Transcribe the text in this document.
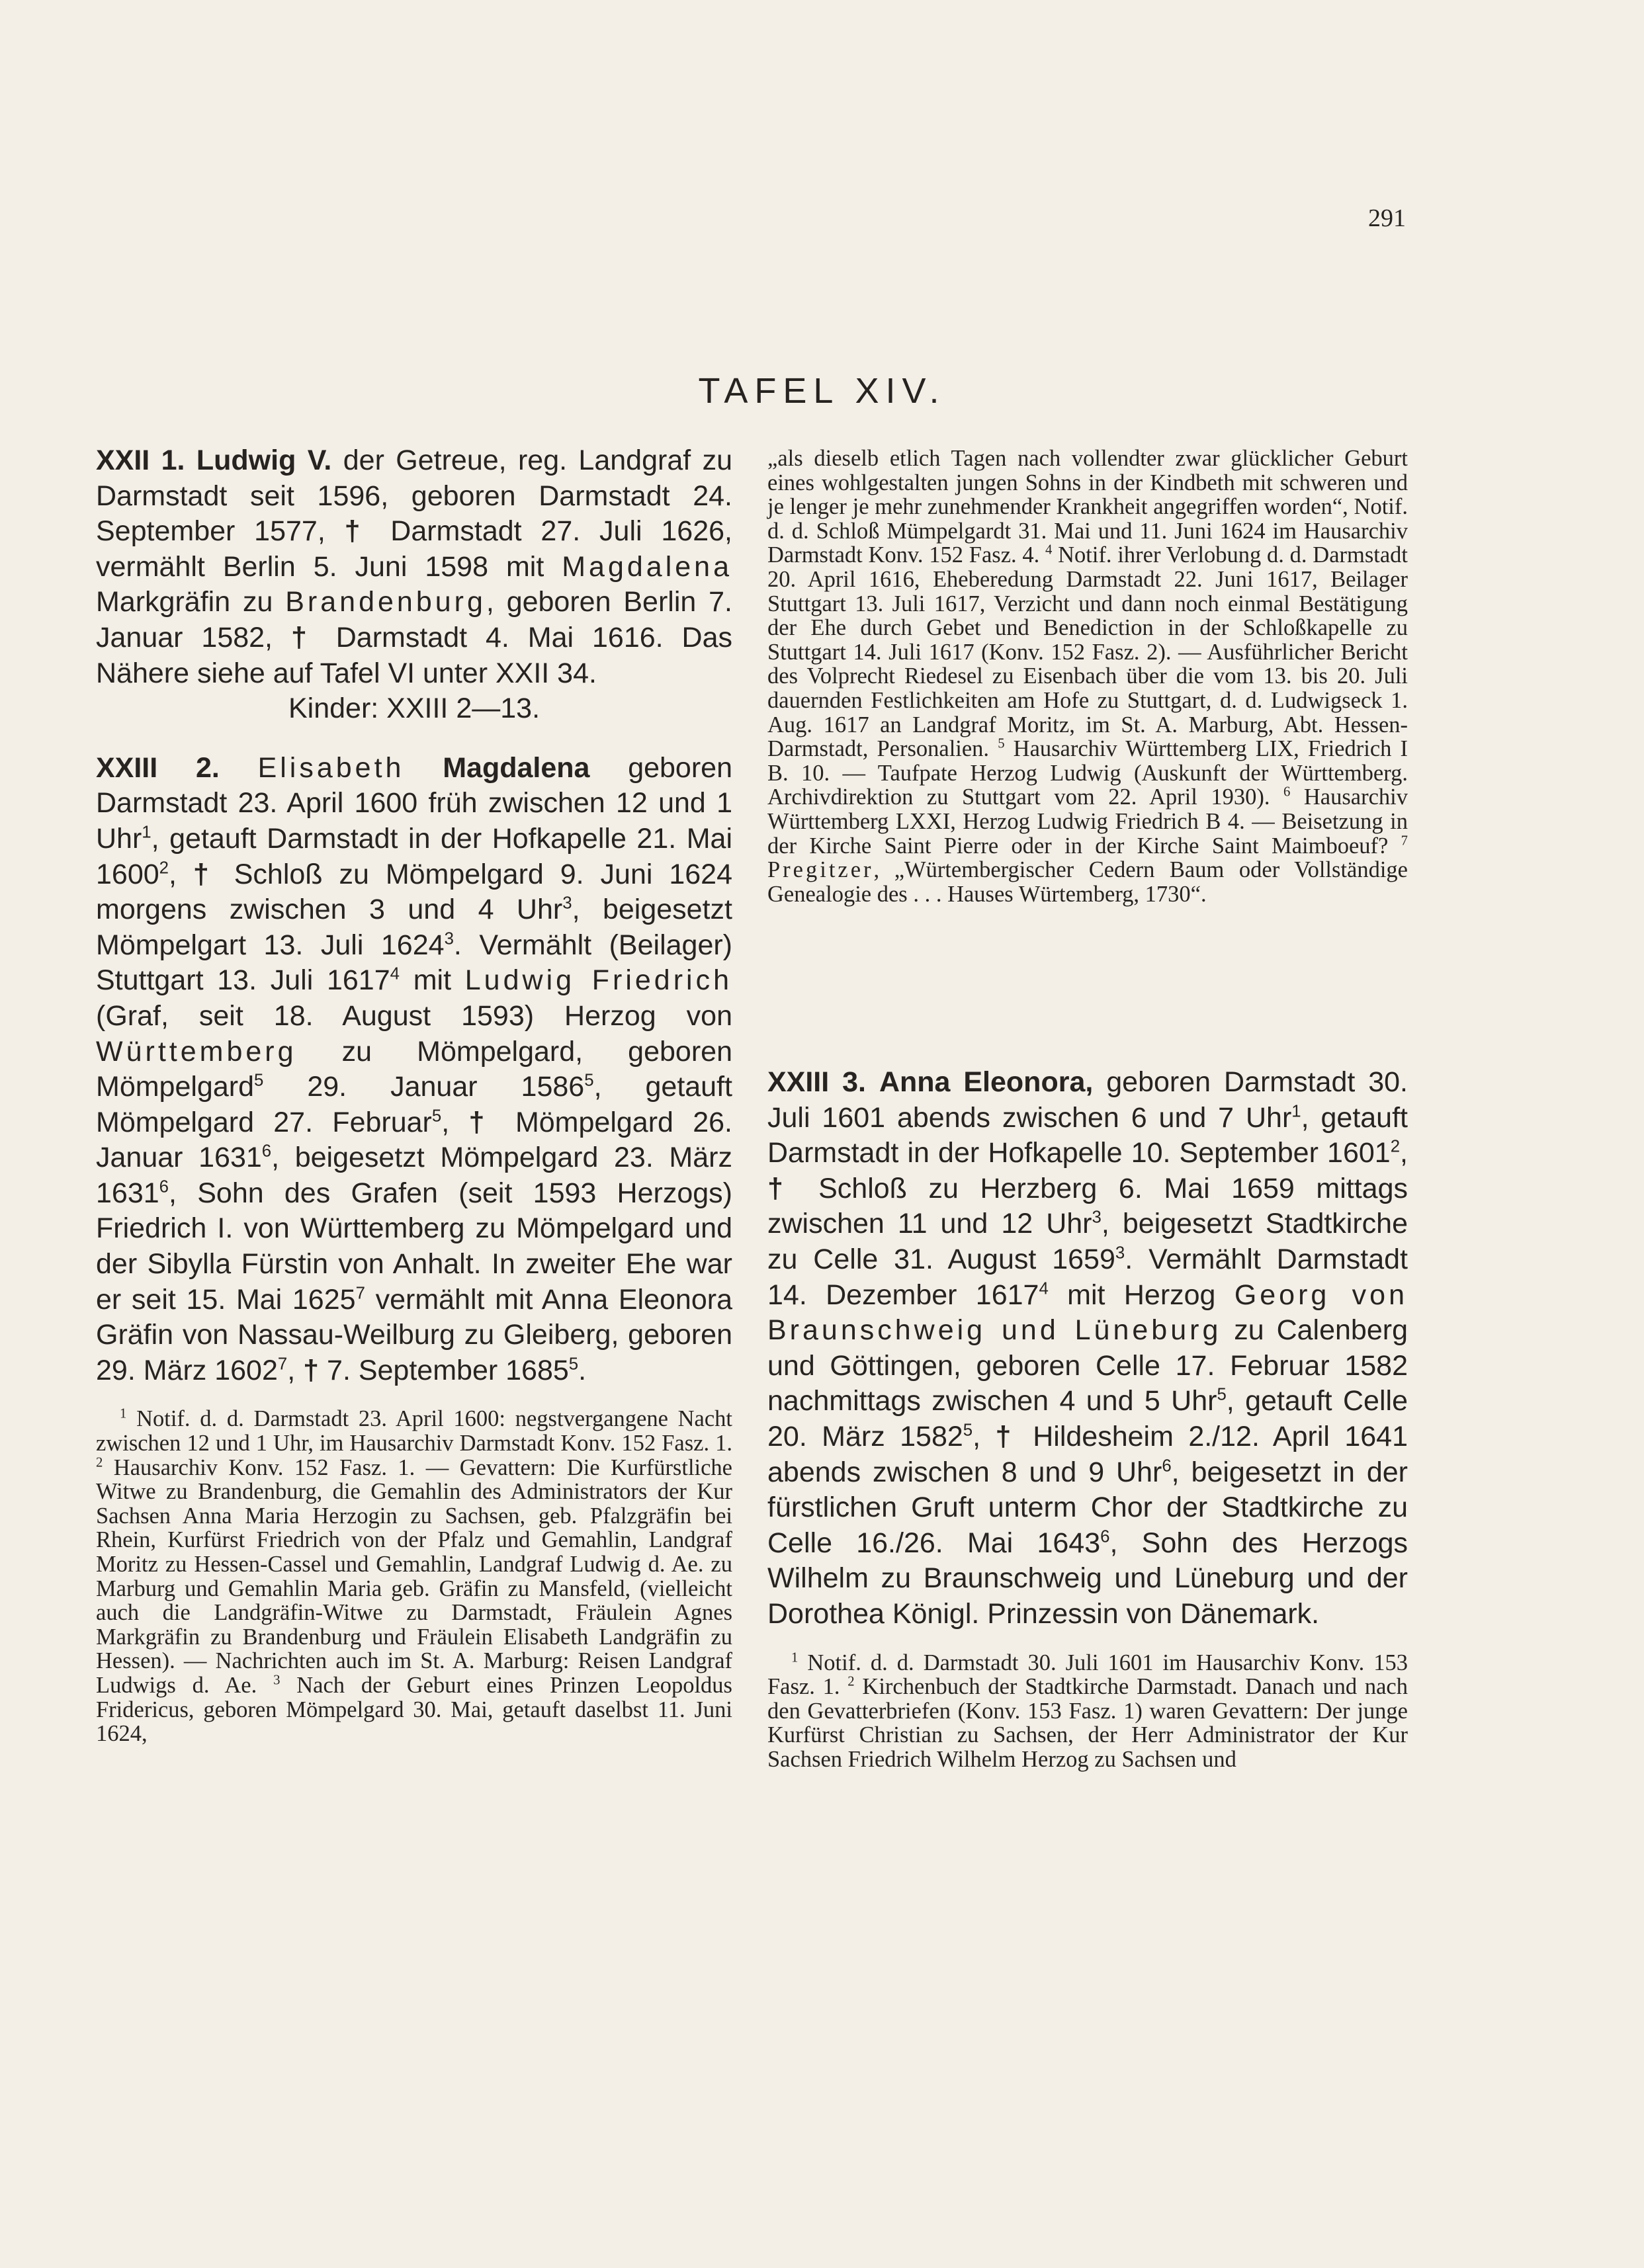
291
TAFEL XIV.

XXII 1. Ludwig V. der Getreue, reg. Landgraf zu Darmstadt seit 1596, geboren Darmstadt 24. September 1577, † Darmstadt 27. Juli 1626, vermählt Berlin 5. Juni 1598 mit Magdalena Markgräfin zu Brandenburg, geboren Berlin 7. Januar 1582, † Darmstadt 4. Mai 1616. Das Nähere siehe auf Tafel VI unter XXII 34.

Kinder: XXIII 2—13.

XXIII 2. Elisabeth Magdalena geboren Darmstadt 23. April 1600 früh zwischen 12 und 1 Uhr$^1$, getauft Darmstadt in der Hofkapelle 21. Mai 1600$^2$, † Schloß zu Mömpelgard 9. Juni 1624 morgens zwischen 3 und 4 Uhr$^3$, beigesetzt Mömpelgart 13. Juli 1624$^3$. Vermählt (Beilager) Stuttgart 13. Juli 1617$^4$ mit Ludwig Friedrich (Graf, seit 18. August 1593) Herzog von Württemberg zu Mömpelgard, geboren Mömpelgard$^5$ 29. Januar 1586$^5$, getauft Mömpelgard 27. Februar$^5$, † Mömpelgard 26. Januar 1631$^6$, beigesetzt Mömpelgard 23. März 1631$^6$, Sohn des Grafen (seit 1593 Herzogs) Friedrich I. von Württemberg zu Mömpelgard und der Sibylla Fürstin von Anhalt. In zweiter Ehe war er seit 15. Mai 1625$^7$ vermählt mit Anna Eleonora Gräfin von Nassau-Weilburg zu Gleiberg, geboren 29. März 1602$^7$, † 7. September 1685$^5$.

$^1$ Notif. d. d. Darmstadt 23. April 1600: negstvergangene Nacht zwischen 12 und 1 Uhr, im Hausarchiv Darmstadt Konv. 152 Fasz. 1. $^2$ Hausarchiv Konv. 152 Fasz. 1. — Gevattern: Die Kurfürstliche Witwe zu Brandenburg, die Gemahlin des Administrators der Kur Sachsen Anna Maria Herzogin zu Sachsen, geb. Pfalzgräfin bei Rhein, Kurfürst Friedrich von der Pfalz und Gemahlin, Landgraf Moritz zu Hessen-Cassel und Gemahlin, Landgraf Ludwig d. Ae. zu Marburg und Gemahlin Maria geb. Gräfin zu Mansfeld, (vielleicht auch die Landgräfin-Witwe zu Darmstadt, Fräulein Agnes Markgräfin zu Brandenburg und Fräulein Elisabeth Landgräfin zu Hessen). — Nachrichten auch im St. A. Marburg: Reisen Landgraf Ludwigs d. Ae. $^3$ Nach der Geburt eines Prinzen Leopoldus Fridericus, geboren Mömpelgard 30. Mai, getauft daselbst 11. Juni 1624,

„als dieselb etlich Tagen nach vollendter zwar glücklicher Geburt eines wohlgestalten jungen Sohns in der Kindbeth mit schweren und je lenger je mehr zunehmender Krankheit angegriffen worden“, Notif. d. d. Schloß Mümpelgardt 31. Mai und 11. Juni 1624 im Hausarchiv Darmstadt Konv. 152 Fasz. 4. $^4$ Notif. ihrer Verlobung d. d. Darmstadt 20. April 1616, Eheberedung Darmstadt 22. Juni 1617, Beilager Stuttgart 13. Juli 1617, Verzicht und dann noch einmal Bestätigung der Ehe durch Gebet und Benediction in der Schloßkapelle zu Stuttgart 14. Juli 1617 (Konv. 152 Fasz. 2). — Ausführlicher Bericht des Volprecht Riedesel zu Eisenbach über die vom 13. bis 20. Juli dauernden Festlichkeiten am Hofe zu Stuttgart, d. d. Ludwigseck 1. Aug. 1617 an Landgraf Moritz, im St. A. Marburg, Abt. Hessen-Darmstadt, Personalien. $^5$ Hausarchiv Württemberg LIX, Friedrich I B. 10. — Taufpate Herzog Ludwig (Auskunft der Württemberg. Archivdirektion zu Stuttgart vom 22. April 1930). $^6$ Hausarchiv Württemberg LXXI, Herzog Ludwig Friedrich B 4. — Beisetzung in der Kirche Saint Pierre oder in der Kirche Saint Maimboeuf? $^7$ Pregitzer, „Würtembergischer Cedern Baum oder Vollständige Genealogie des . . . Hauses Würtemberg, 1730“.

XXIII 3. Anna Eleonora, geboren Darmstadt 30. Juli 1601 abends zwischen 6 und 7 Uhr$^1$, getauft Darmstadt in der Hofkapelle 10. September 1601$^2$, † Schloß zu Herzberg 6. Mai 1659 mittags zwischen 11 und 12 Uhr$^3$, beigesetzt Stadtkirche zu Celle 31. August 1659$^3$. Vermählt Darmstadt 14. Dezember 1617$^4$ mit Herzog Georg von Braunschweig und Lüneburg zu Calenberg und Göttingen, geboren Celle 17. Februar 1582 nachmittags zwischen 4 und 5 Uhr$^5$, getauft Celle 20. März 1582$^5$, † Hildesheim 2./12. April 1641 abends zwischen 8 und 9 Uhr$^6$, beigesetzt in der fürstlichen Gruft unterm Chor der Stadtkirche zu Celle 16./26. Mai 1643$^6$, Sohn des Herzogs Wilhelm zu Braunschweig und Lüneburg und der Dorothea Königl. Prinzessin von Dänemark.

$^1$ Notif. d. d. Darmstadt 30. Juli 1601 im Hausarchiv Konv. 153 Fasz. 1. $^2$ Kirchenbuch der Stadtkirche Darmstadt. Danach und nach den Gevatterbriefen (Konv. 153 Fasz. 1) waren Gevattern: Der junge Kurfürst Christian zu Sachsen, der Herr Administrator der Kur Sachsen Friedrich Wilhelm Herzog zu Sachsen und
